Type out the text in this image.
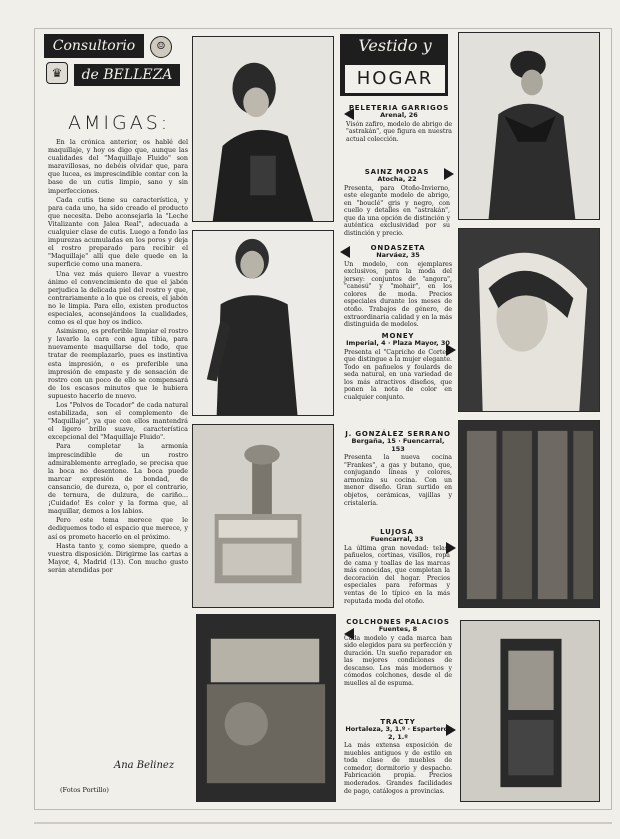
Consultorio	☺
♛	de BELLEZA
AMIGAS:

En la crónica anterior, os hablé del maquillaje, y hoy os digo que, aunque las cualidades del "Maquillaje Fluido" son maravillosas, no debéis olvidar que, para que lucea, es imprescindible contar con la base de un cutis limpio, sano y sin imperfecciones.

Cada cutis tiene su característica, y para cada uno, ha sido creado el producto que necesita. Debo aconsejarla la "Leche Vitalizante con Jalea Real", adecuada a cualquier clase de cutis. Luego a fondo las impurezas acumuladas en los poros y deja el rostro preparado para recibir el "Maquillaje" allí que dele quede en la superficie como una manera.

Una vez más quiero llevar a vuestro ánimo el convencimiento de que el jabón perjudica la delicada piel del rostro y que, contrariamente a lo que os creeis, el jabón no le limpia. Para ello, existen productos especiales, aconsejándoos la cualidades, como es el que hoy os indico.

Asimismo, es preferible limpiar el rostro y lavarlo la cara con agua tibia, para nuevamente maquillarse del todo, que tratar de reemplazarlo, pues es instintiva esta impresión, o es preferible una impresión de empaste y de sensación de rostro con un poco de ello se compensará de los escasos minutos que le hubiera supuesto hacerlo de nuevo.

Los "Polvos de Tocador" de cada natural estabilizada, son el complemento de "Maquillaje", ya que con ellos mantendrá el ligero brillo suave, característica excepcional del "Maquillaje Fluido".

Para completar la armonía imprescindible de un rostro admirablemente arreglado, se precisa que la boca no desentone. La boca puede marcar expresión de bondad, de cansancio, de dureza, o, por el contrario, de ternura, de dulzura, de cariño... ¡Cuidado! Es color y la forma que, al maquillar, demos a los labios.

Pero este tema merece que le dediquemos todo el espacio que merece, y así os prometo hacerlo en el próximo.

Hasta tanto y, como siempre, quedo a vuestra disposición. Dirigirme las cartas a Mayor, 4, Madrid (13). Con mucho gusto serán atendidas por

Ana Belinez
(Fotos Portillo)
Vestido y
HOGAR
PELETERIA GARRIGOS
Arenal, 26
Visón zafiro, modelo de abrigo de "astrakán", que figura en nuestra actual colección.
SAINZ MODAS
Atocha, 22
Presenta, para Otoño-Invierno, este elegante modelo de abrigo, en "bouclé" gris y negro, con cuello y detalles en "astrakán", que da una opción de distinción y auténtica exclusividad por su distinción y precio.
ONDASZETA
Narváez, 35
Un modelo, con ejemplares exclusivos, para la moda del jersey: conjuntos de "angora", "canesú" y "mohair", en los colores de moda. Precios especiales durante los meses de otoño. Trabajos de género, de extraordinaria calidad y en la más distinguida de modelos.
MONEY
Imperial, 4 · Plaza Mayor, 30
Presenta el "Capricho de Cortes" que distingue a la mujer elegante. Todo en pañuelos y foulards de seda natural, en una variedad de los más atractivos diseños, que ponen la nota de color en cualquier conjunto.
J. GONZÁLEZ SERRANO
Bergaña, 15 · Fuencarral, 153
Presenta la nueva cocina "Frankes", a gas y butano, que, conjugando líneas y colores, armoniza su cocina. Con un menor diseño. Gran surtido en objetos, cerámicas, vajillas y cristalería.
LUJOSA
Fuencarral, 33
La última gran novedad: telas, pañuelos, cortinas, visillos, ropa de cama y toallas de las marcas más conocidas, que completan la decoración del hogar. Precios especiales para reformas y ventas de lo típico en la más reputada moda del otoño.
COLCHONES PALACIOS
Fuentes, 8
Cada modelo y cada marca han sido elegidos para su perfección y duración. Un sueño reparador en las mejores condiciones de descanso. Los más modernos y cómodos colchones, desde el de muelles al de espuma.
TRACTY
Hortaleza, 3, 1.º · Espartero, 2, 1.º
La más extensa exposición de muebles antiguos y de estilo en toda clase de muebles de comedor, dormitorio y despacho. Fabricación propia. Precios moderados. Grandes facilidades de pago, catálogos a provincias.
